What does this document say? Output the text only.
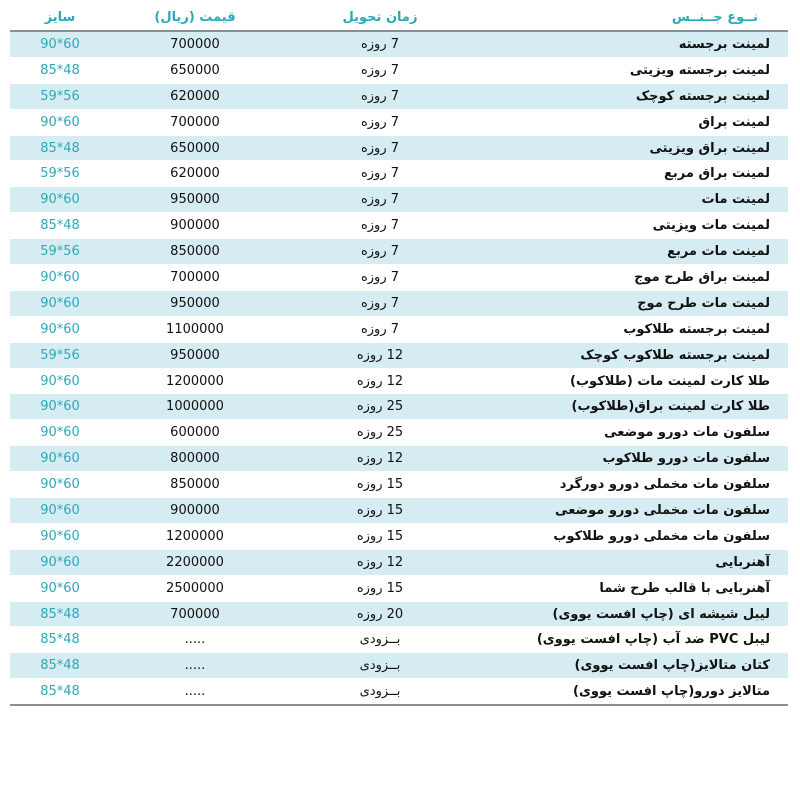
سایز	قیمت (ریال)	زمان تحویل	نــوع جــنــس
90*60	700000	7 روزه	لمینت برجسته
85*48	650000	7 روزه	لمینت برجسته ویزیتی
59*56	620000	7 روزه	لمینت برجسته کوچک
90*60	700000	7 روزه	لمینت براق
85*48	650000	7 روزه	لمینت براق ویزیتی
59*56	620000	7 روزه	لمینت براق مربع
90*60	950000	7 روزه	لمینت مات
85*48	900000	7 روزه	لمینت مات ویزیتی
59*56	850000	7 روزه	لمینت مات مربع
90*60	700000	7 روزه	لمینت براق طرح موج
90*60	950000	7 روزه	لمینت مات طرح موج
90*60	1100000	7 روزه	لمینت برجسته طلاکوب
59*56	950000	12 روزه	لمینت برجسته طلاکوب کوچک
90*60	1200000	12 روزه	طلا کارت لمینت مات (طلاکوب)
90*60	1000000	25 روزه	طلا کارت لمینت براق(طلاکوب)
90*60	600000	25 روزه	سلفون مات دورو موضعی
90*60	800000	12 روزه	سلفون مات دورو طلاکوب
90*60	850000	15 روزه	سلفون مات مخملی دورو دورگرد
90*60	900000	15 روزه	سلفون مات مخملی دورو موضعی
90*60	1200000	15 روزه	سلفون مات مخملی دورو طلاکوب
90*60	2200000	12 روزه	آهنربایی
90*60	2500000	15 روزه	آهنربایی با قالب طرح شما
85*48	700000	20 روزه	لیبل شیشه ای (چاپ افست یووی)
85*48	.....	بــزودی	لیبل PVC ضد آب (چاپ افست یووی)
85*48	.....	بــزودی	کتان متالایز(چاپ افست یووی)
85*48	.....	بــزودی	متالایز دورو(چاپ افست یووی)
